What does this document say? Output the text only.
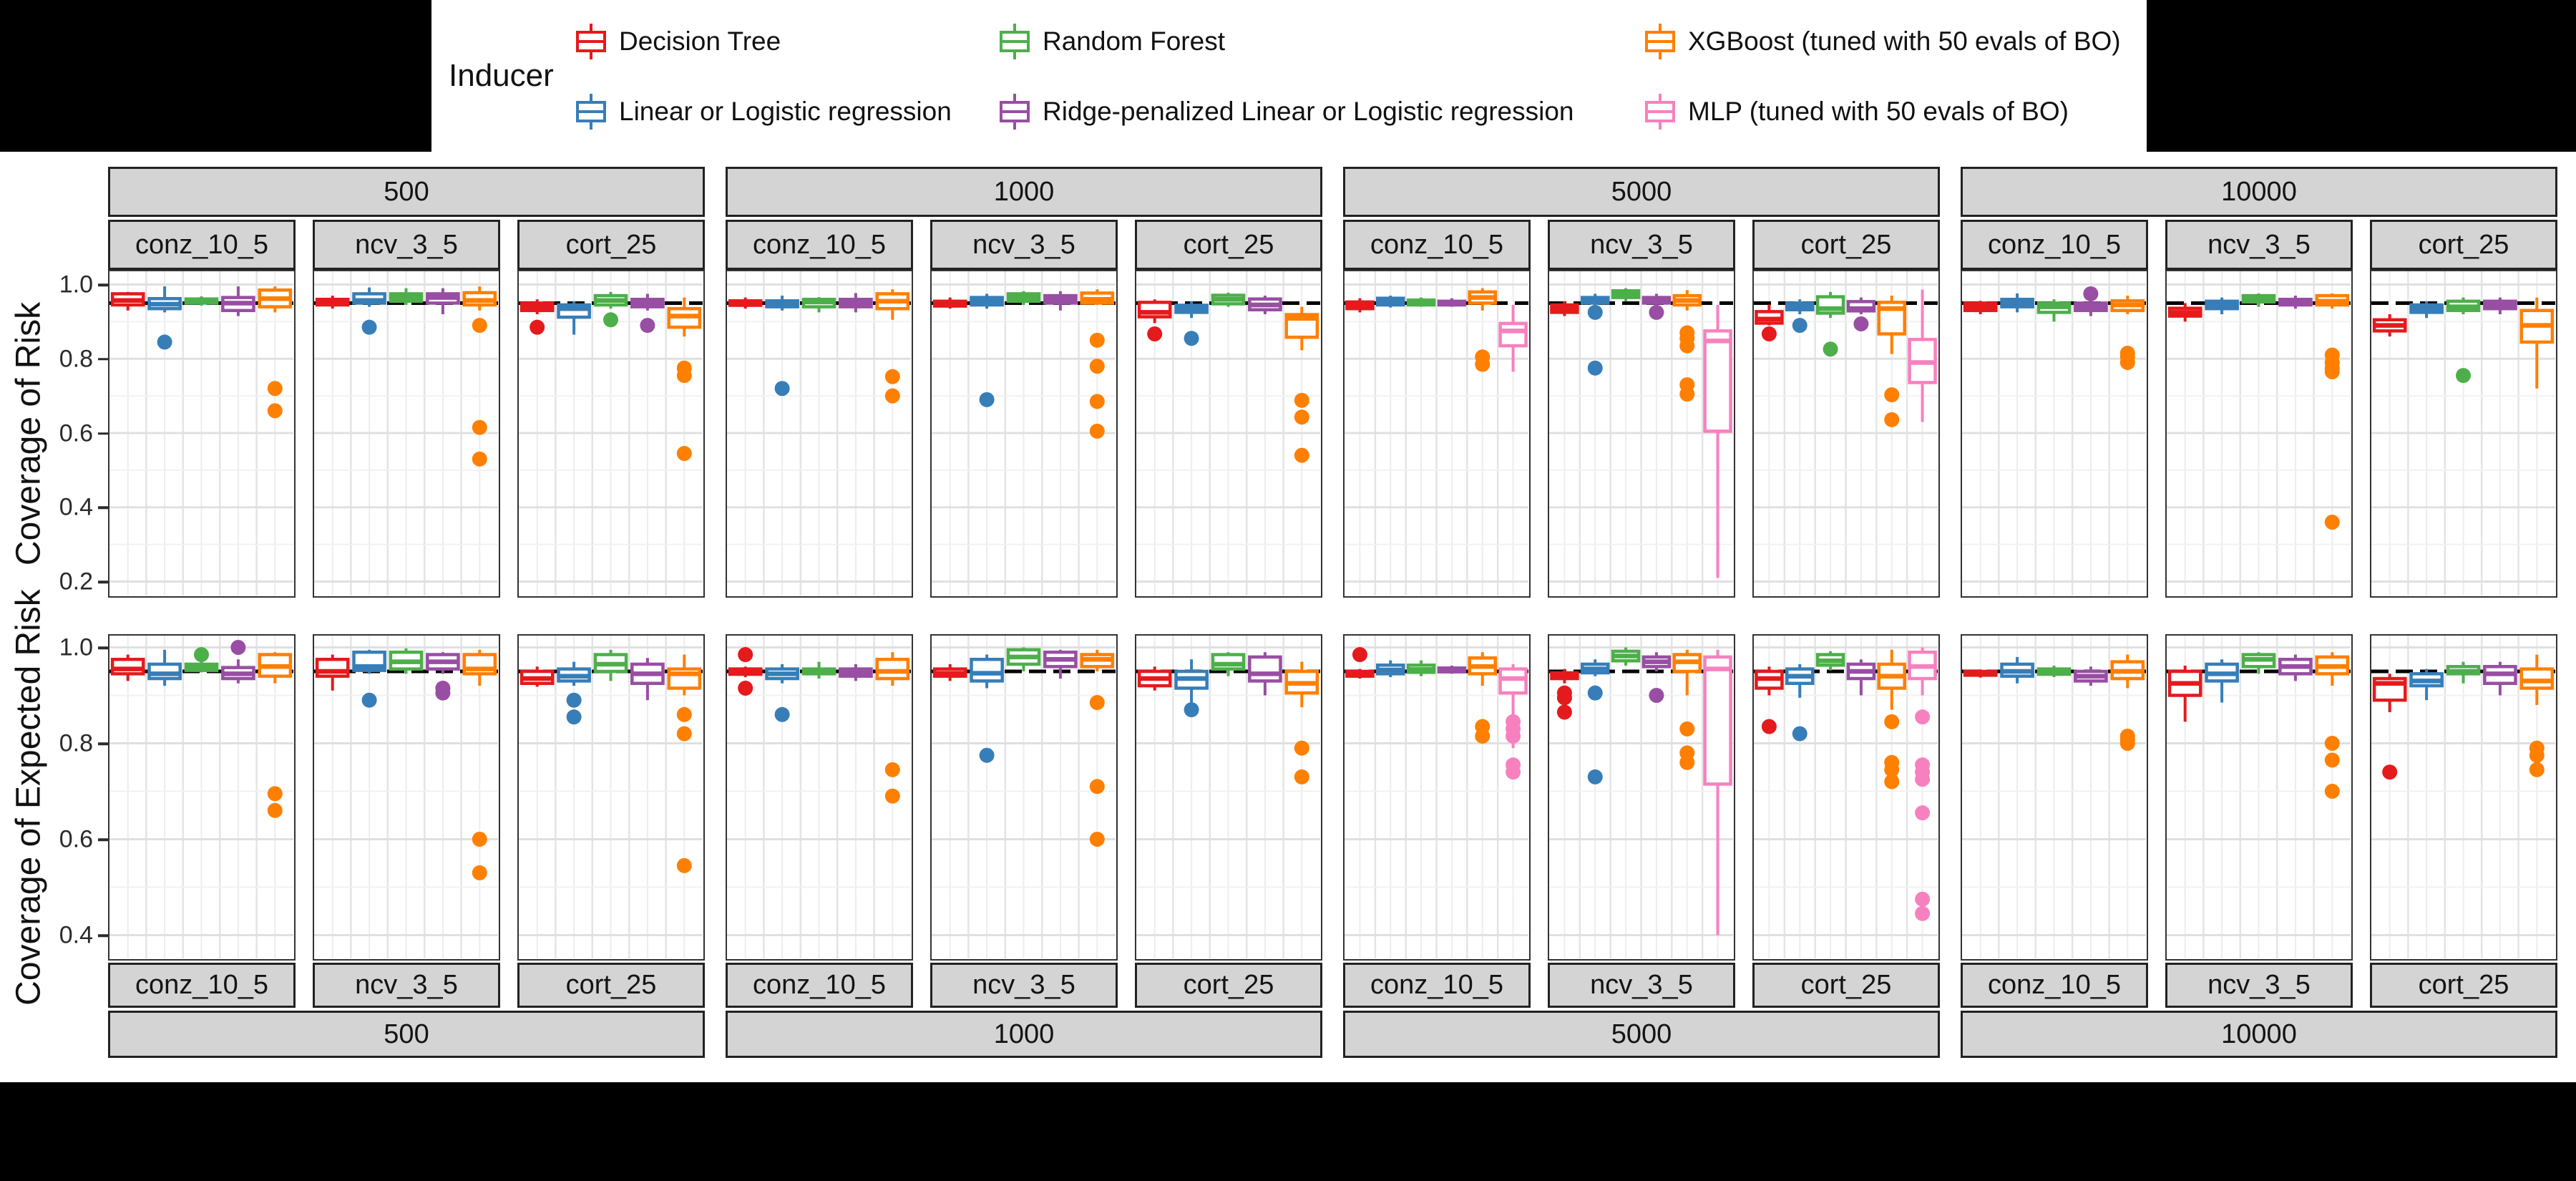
Inducer
Decision Tree
Linear or Logistic regression
Random Forest
Ridge-penalized Linear or Logistic regression
XGBoost (tuned with 50 evals of BO)
MLP (tuned with 50 evals of BO)
Coverage of Risk
Coverage of Expected Risk
500
conz_10_5	ncv_3_5	cort_25
500
conz_10_5	ncv_3_5	cort_25
1000
conz_10_5	ncv_3_5	cort_25
1000
conz_10_5	ncv_3_5	cort_25
5000
conz_10_5	ncv_3_5	cort_25
5000
conz_10_5	ncv_3_5	cort_25
10000
conz_10_5	ncv_3_5	cort_25
10000
conz_10_5	ncv_3_5	cort_25
1.0
0.8
0.6
0.4
0.2
1.0
0.8
0.6
0.4
